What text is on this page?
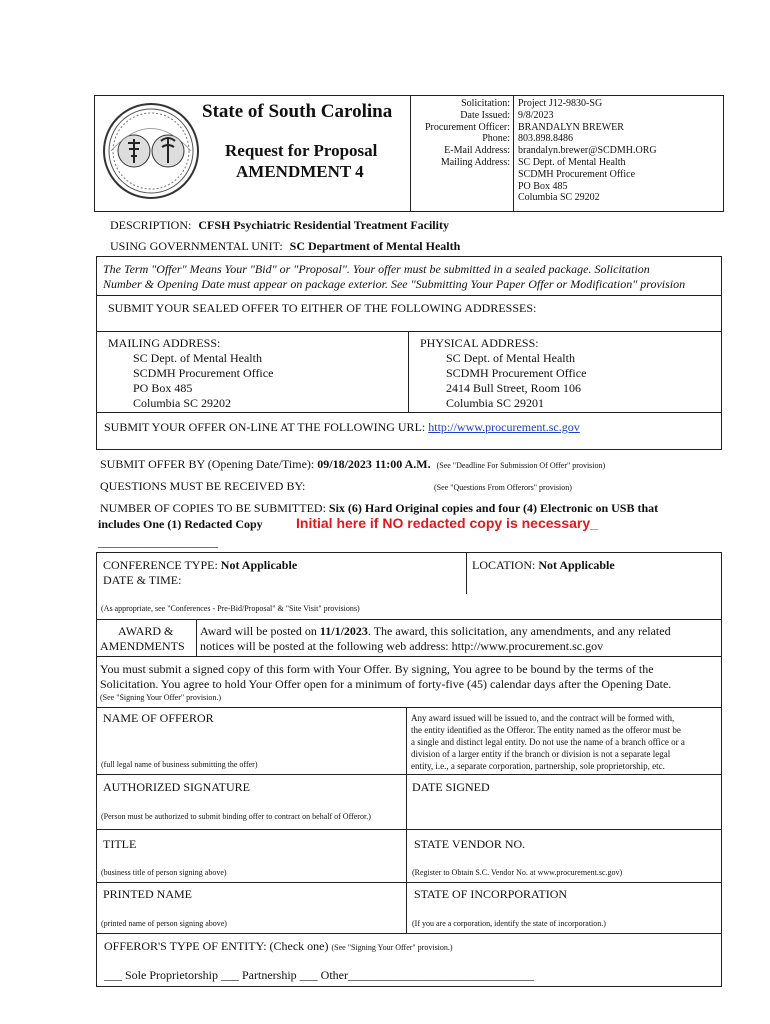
State of South Carolina
Request for Proposal
AMENDMENT 4
Solicitation:
Date Issued:
Procurement Officer:
Phone:
E-Mail Address:
Mailing Address:
Project J12-9830-SG
9/8/2023
BRANDALYN BREWER
803.898.8486
brandalyn.brewer@SCDMH.ORG
SC Dept. of Mental Health
SCDMH Procurement Office
PO Box 485
Columbia SC 29202
DESCRIPTION: CFSH Psychiatric Residential Treatment Facility
USING GOVERNMENTAL UNIT: SC Department of Mental Health
The Term "Offer" Means Your "Bid" or "Proposal". Your offer must be submitted in a sealed package. Solicitation
Number & Opening Date must appear on package exterior. See "Submitting Your Paper Offer or Modification" provision
SUBMIT YOUR SEALED OFFER TO EITHER OF THE FOLLOWING ADDRESSES:
MAILING ADDRESS:
SC Dept. of Mental Health
SCDMH Procurement Office
PO Box 485
Columbia SC 29202
PHYSICAL ADDRESS:
SC Dept. of Mental Health
SCDMH Procurement Office
2414 Bull Street, Room 106
Columbia SC 29201
SUBMIT YOUR OFFER ON-LINE AT THE FOLLOWING URL: http://www.procurement.sc.gov
SUBMIT OFFER BY (Opening Date/Time): 09/18/2023 11:00 A.M. (See "Deadline For Submission Of Offer" provision)
QUESTIONS MUST BE RECEIVED BY:	(See "Questions From Offerors" provision)
NUMBER OF COPIES TO BE SUBMITTED: Six (6) Hard Original copies and four (4) Electronic on USB that
includes One (1) Redacted Copy Initial here if NO redacted copy is necessary_
____________________
CONFERENCE TYPE: Not Applicable
DATE & TIME:
LOCATION: Not Applicable
(As appropriate, see "Conferences - Pre-Bid/Proposal" & "Site Visit" provisions)
AWARD &
AMENDMENTS
Award will be posted on 11/1/2023. The award, this solicitation, any amendments, and any related
notices will be posted at the following web address: http://www.procurement.sc.gov
You must submit a signed copy of this form with Your Offer. By signing, You agree to be bound by the terms of the
Solicitation. You agree to hold Your Offer open for a minimum of forty-five (45) calendar days after the Opening Date.
(See "Signing Your Offer" provision.)
NAME OF OFFEROR
(full legal name of business submitting the offer)
Any award issued will be issued to, and the contract will be formed with,
the entity identified as the Offeror. The entity named as the offeror must be
a single and distinct legal entity. Do not use the name of a branch office or a
division of a larger entity if the branch or division is not a separate legal
entity, i.e., a separate corporation, partnership, sole proprietorship, etc.
AUTHORIZED SIGNATURE
(Person must be authorized to submit binding offer to contract on behalf of Offeror.)
DATE SIGNED
TITLE
(business title of person signing above)
STATE VENDOR NO.
(Register to Obtain S.C. Vendor No. at www.procurement.sc.gov)
PRINTED NAME
(printed name of person signing above)
STATE OF INCORPORATION
(If you are a corporation, identify the state of incorporation.)
OFFEROR'S TYPE OF ENTITY: (Check one) (See "Signing Your Offer" provision.)
___ Sole Proprietorship ___ Partnership ___ Other_______________________________
